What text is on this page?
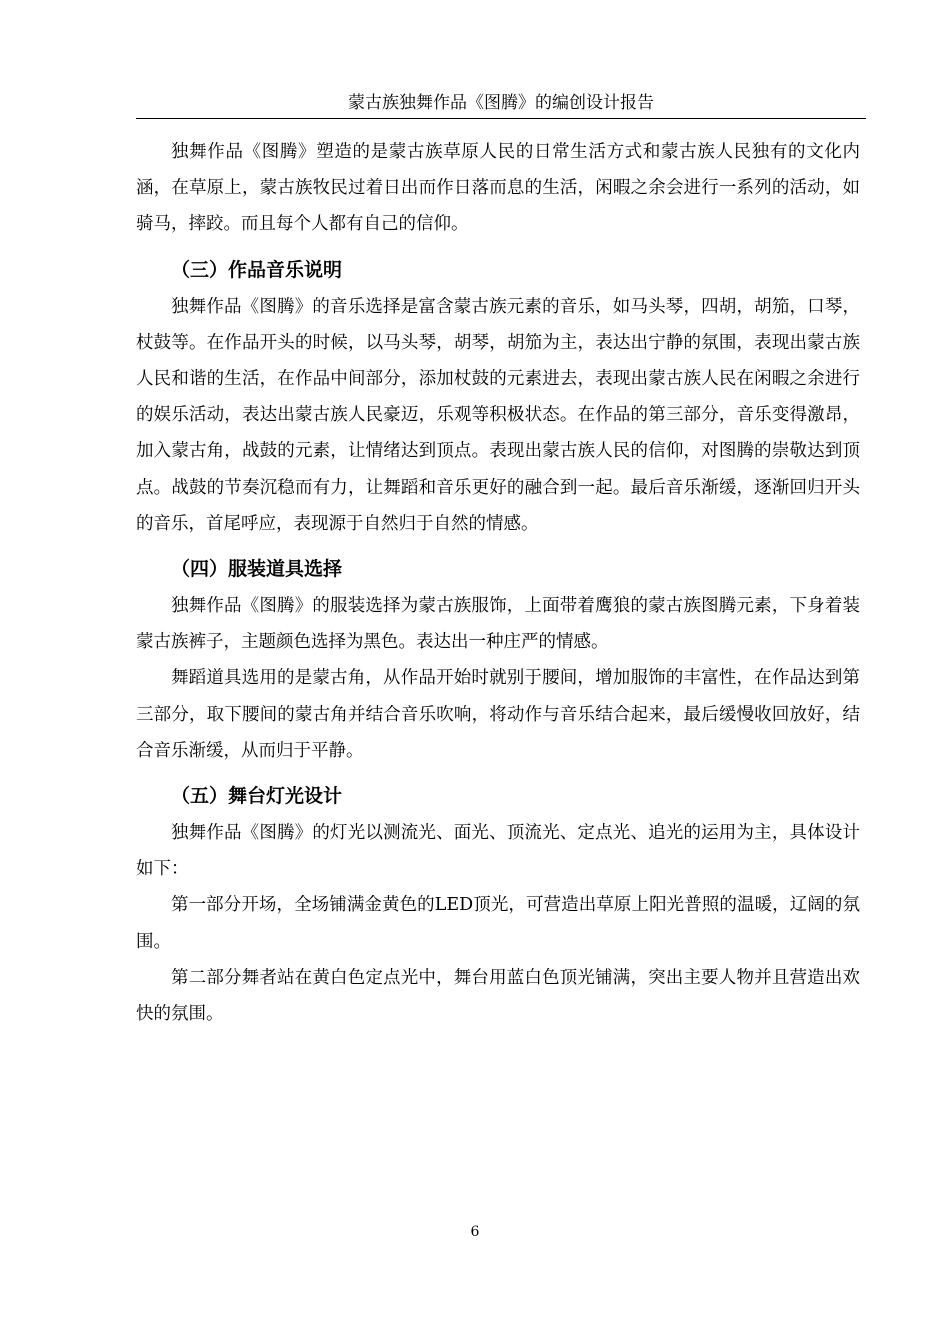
蒙古族独舞作品《图腾》的编创设计报告

独舞作品《图腾》塑造的是蒙古族草原人民的日常生活方式和蒙古族人民独有的文化内涵，在草原上，蒙古族牧民过着日出而作日落而息的生活，闲暇之余会进行一系列的活动，如骑马，摔跤。而且每个人都有自己的信仰。

（三）作品音乐说明

独舞作品《图腾》的音乐选择是富含蒙古族元素的音乐，如马头琴，四胡，胡笳，口琴，杖鼓等。在作品开头的时候，以马头琴，胡琴，胡笳为主，表达出宁静的氛围，表现出蒙古族人民和谐的生活，在作品中间部分，添加杖鼓的元素进去，表现出蒙古族人民在闲暇之余进行的娱乐活动，表达出蒙古族人民豪迈，乐观等积极状态。在作品的第三部分，音乐变得激昂，加入蒙古角，战鼓的元素，让情绪达到顶点。表现出蒙古族人民的信仰，对图腾的崇敬达到顶点。战鼓的节奏沉稳而有力，让舞蹈和音乐更好的融合到一起。最后音乐渐缓，逐渐回归开头的音乐，首尾呼应，表现源于自然归于自然的情感。

（四）服装道具选择

独舞作品《图腾》的服装选择为蒙古族服饰，上面带着鹰狼的蒙古族图腾元素，下身着装蒙古族裤子，主题颜色选择为黑色。表达出一种庄严的情感。

舞蹈道具选用的是蒙古角，从作品开始时就别于腰间，增加服饰的丰富性，在作品达到第三部分，取下腰间的蒙古角并结合音乐吹响，将动作与音乐结合起来，最后缓慢收回放好，结合音乐渐缓，从而归于平静。

（五）舞台灯光设计

独舞作品《图腾》的灯光以测流光、面光、顶流光、定点光、追光的运用为主，具体设计如下：

第一部分开场，全场铺满金黄色的LED顶光，可营造出草原上阳光普照的温暖，辽阔的氛围。

第二部分舞者站在黄白色定点光中，舞台用蓝白色顶光铺满，突出主要人物并且营造出欢快的氛围。

6
